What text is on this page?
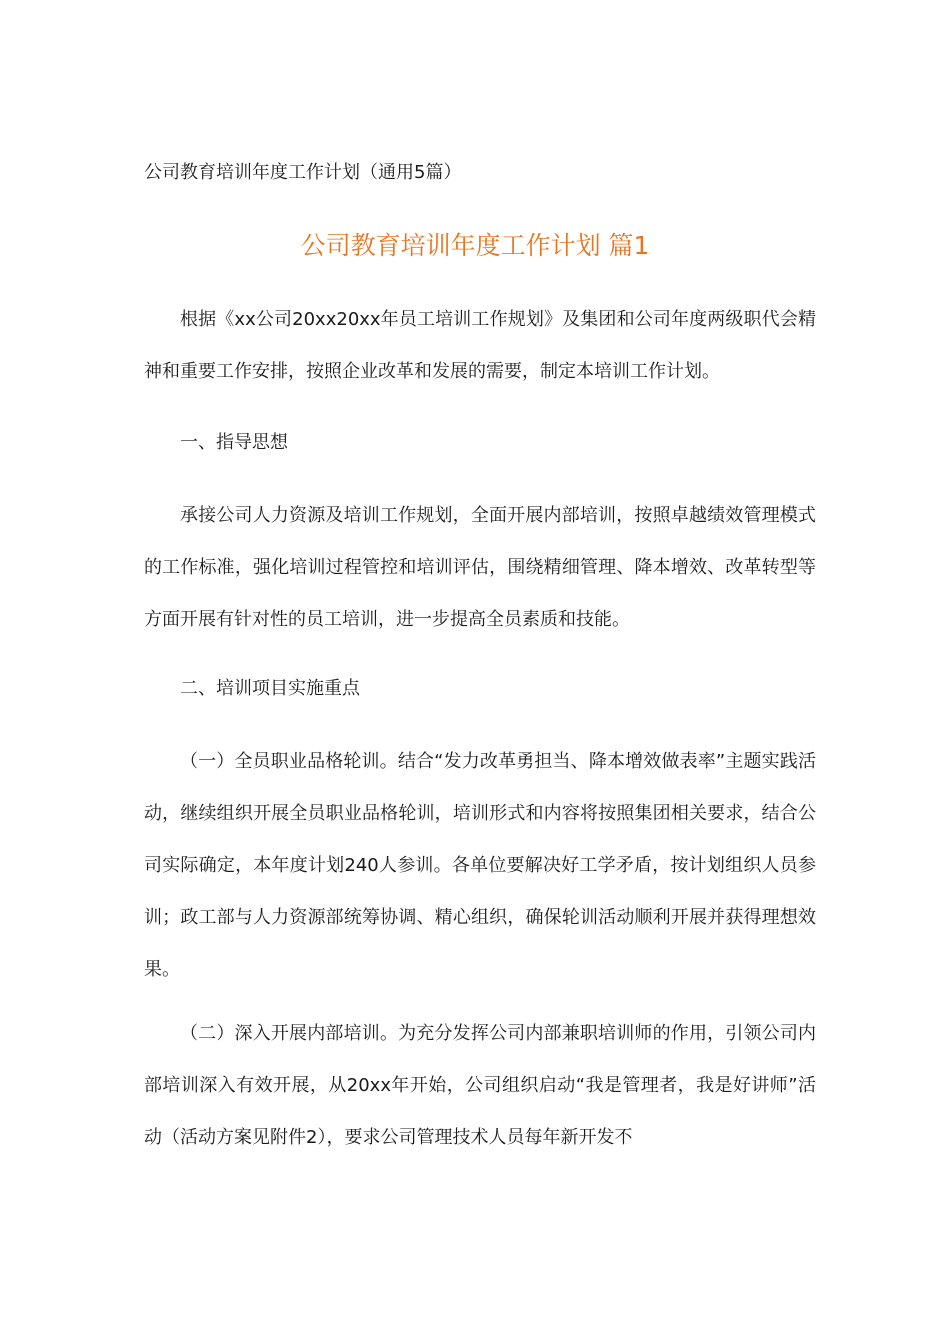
公司教育培训年度工作计划（通用5篇）
公司教育培训年度工作计划 篇1
根据《xx公司20xx20xx年员工培训工作规划》及集团和公司年度两级职代会精神和重要工作安排，按照企业改革和发展的需要，制定本培训工作计划。
一、指导思想
承接公司人力资源及培训工作规划，全面开展内部培训，按照卓越绩效管理模式的工作标准，强化培训过程管控和培训评估，围绕精细管理、降本增效、改革转型等方面开展有针对性的员工培训，进一步提高全员素质和技能。
二、培训项目实施重点
（一）全员职业品格轮训。结合“发力改革勇担当、降本增效做表率”主题实践活动，继续组织开展全员职业品格轮训，培训形式和内容将按照集团相关要求，结合公司实际确定，本年度计划240人参训。各单位要解决好工学矛盾，按计划组织人员参训；政工部与人力资源部统筹协调、精心组织，确保轮训活动顺利开展并获得理想效果。
（二）深入开展内部培训。为充分发挥公司内部兼职培训师的作用，引领公司内部培训深入有效开展，从20xx年开始，公司组织启动“我是管理者，我是好讲师”活动（活动方案见附件2），要求公司管理技术人员每年新开发不
